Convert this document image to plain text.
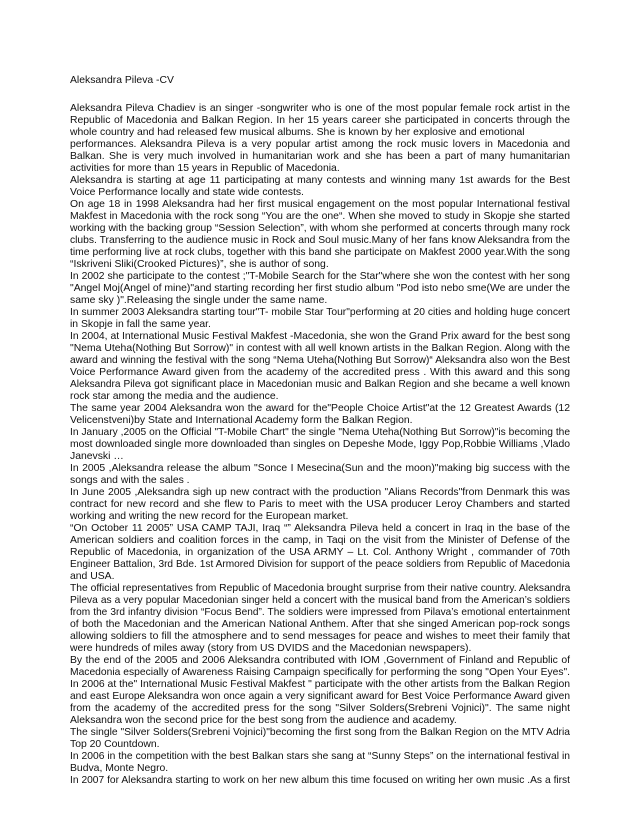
Aleksandra Pileva -CV

Aleksandra Pileva Chadiev is an singer -songwriter who is one of the most popular female rock artist in the
Republic of Macedonia and Balkan Region. In her 15 years career she participated in concerts through the
whole country and had released few musical albums. She is known by her explosive and emotional
performances. Aleksandra Pileva is a very popular artist among the rock music lovers in Macedonia and
Balkan. She is very much involved in humanitarian work and she has been a part of many humanitarian
activities for more than 15 years in Republic of Macedonia.
Aleksandra is starting at age 11 participating at many contests and winning many 1st awards for the Best
Voice Performance locally and state wide contests.
On age 18 in 1998 Aleksandra had her first musical engagement on the most popular International festival
Makfest in Macedonia with the rock song “You are the one“. When she moved to study in Skopje she started
working with the backing group “Session Selection”, with whom she performed at concerts through many rock
clubs. Transferring to the audience music in Rock and Soul music.Many of her fans know Aleksandra from the
time performing live at rock clubs, together with this band she participate on Makfest 2000 year.With the song
“Iskriveni Sliki(Crooked Pictures)”, she is author of song.
In 2002 she participate to the contest ;"T-Mobile Search for the Star"where she won the contest with her song
"Angel Moj(Angel of mine)"and starting recording her first studio album "Pod isto nebo sme(We are under the
same sky )".Releasing the single under the same name.
In summer 2003 Aleksandra starting tour"T- mobile Star Tour"performing at 20 cities and holding huge concert
in Skopje in fall the same year.
In 2004, at International Music Festival Makfest -Macedonia, she won the Grand Prix award for the best song
"Nema Uteha(Nothing But Sorrow)" in contest with all well known artists in the Balkan Region. Along with the
award and winning the festival with the song “Nema Uteha(Nothing But Sorrow)“ Aleksandra also won the Best
Voice Performance Award given from the academy of the accredited press . With this award and this song
Aleksandra Pileva got significant place in Macedonian music and Balkan Region and she became a well known
rock star among the media and the audience.
The same year 2004 Aleksandra won the award for the"People Choice Artist"at the 12 Greatest Awards (12
Velicenstveni)by State and International Academy form the Balkan Region.
In January ,2005 on the Official "T-Mobile Chart" the single "Nema Uteha(Nothing But Sorrow)"is becoming the
most downloaded single more downloaded than singles on Depeshe Mode, Iggy Pop,Robbie Williams ,Vlado
Janevski …
In 2005 ,Aleksandra release the album "Sonce I Mesecina(Sun and the moon)"making big success with the
songs and with the sales .
In June 2005 ,Aleksandra sigh up new contract with the production "Alians Records"from Denmark this was
contract for new record and she flew to Paris to meet with the USA producer Leroy Chambers and started
working and writing the new record for the European market.
“On October 11 2005” USA CAMP TAJI, Iraq “” Aleksandra Pileva held a concert in Iraq in the base of the
American soldiers and coalition forces in the camp, in Taqi on the visit from the Minister of Defense of the
Republic of Macedonia, in organization of the USA ARMY – Lt. Col. Anthony Wright , commander of 70th
Engineer Battalion, 3rd Bde. 1st Armored Division for support of the peace soldiers from Republic of Macedonia
and USA.
The official representatives from Republic of Macedonia brought surprise from their native country. Aleksandra
Pileva as a very popular Macedonian singer held a concert with the musical band from the American’s soldiers
from the 3rd infantry division “Focus Bend”. The soldiers were impressed from Pilava’s emotional entertainment
of both the Macedonian and the American National Anthem. After that she singed American pop-rock songs
allowing soldiers to fill the atmosphere and to send messages for peace and wishes to meet their family that
were hundreds of miles away (story from US DVIDS and the Macedonian newspapers).
By the end of the 2005 and 2006 Aleksandra contributed with IOM ,Government of Finland and Republic of
Macedonia especially of Awareness Raising Campaign specifically for performing the song "Open Your Eyes".
In 2006 at the" International Music Festival Makfest " participate with the other artists from the Balkan Region
and east Europe Aleksandra won once again a very significant award for Best Voice Performance Award given
from the academy of the accredited press for the song "Silver Solders(Srebreni Vojnici)". The same night
Aleksandra won the second price for the best song from the audience and academy.
The single "Silver Solders(Srebreni Vojnici)"becoming the first song from the Balkan Region on the MTV Adria
Top 20 Countdown.
In 2006 in the competition with the best Balkan stars she sang at “Sunny Steps” on the international festival in
Budva, Monte Negro.
In 2007 for Aleksandra starting to work on her new album this time focused on writing her own music .As a first
